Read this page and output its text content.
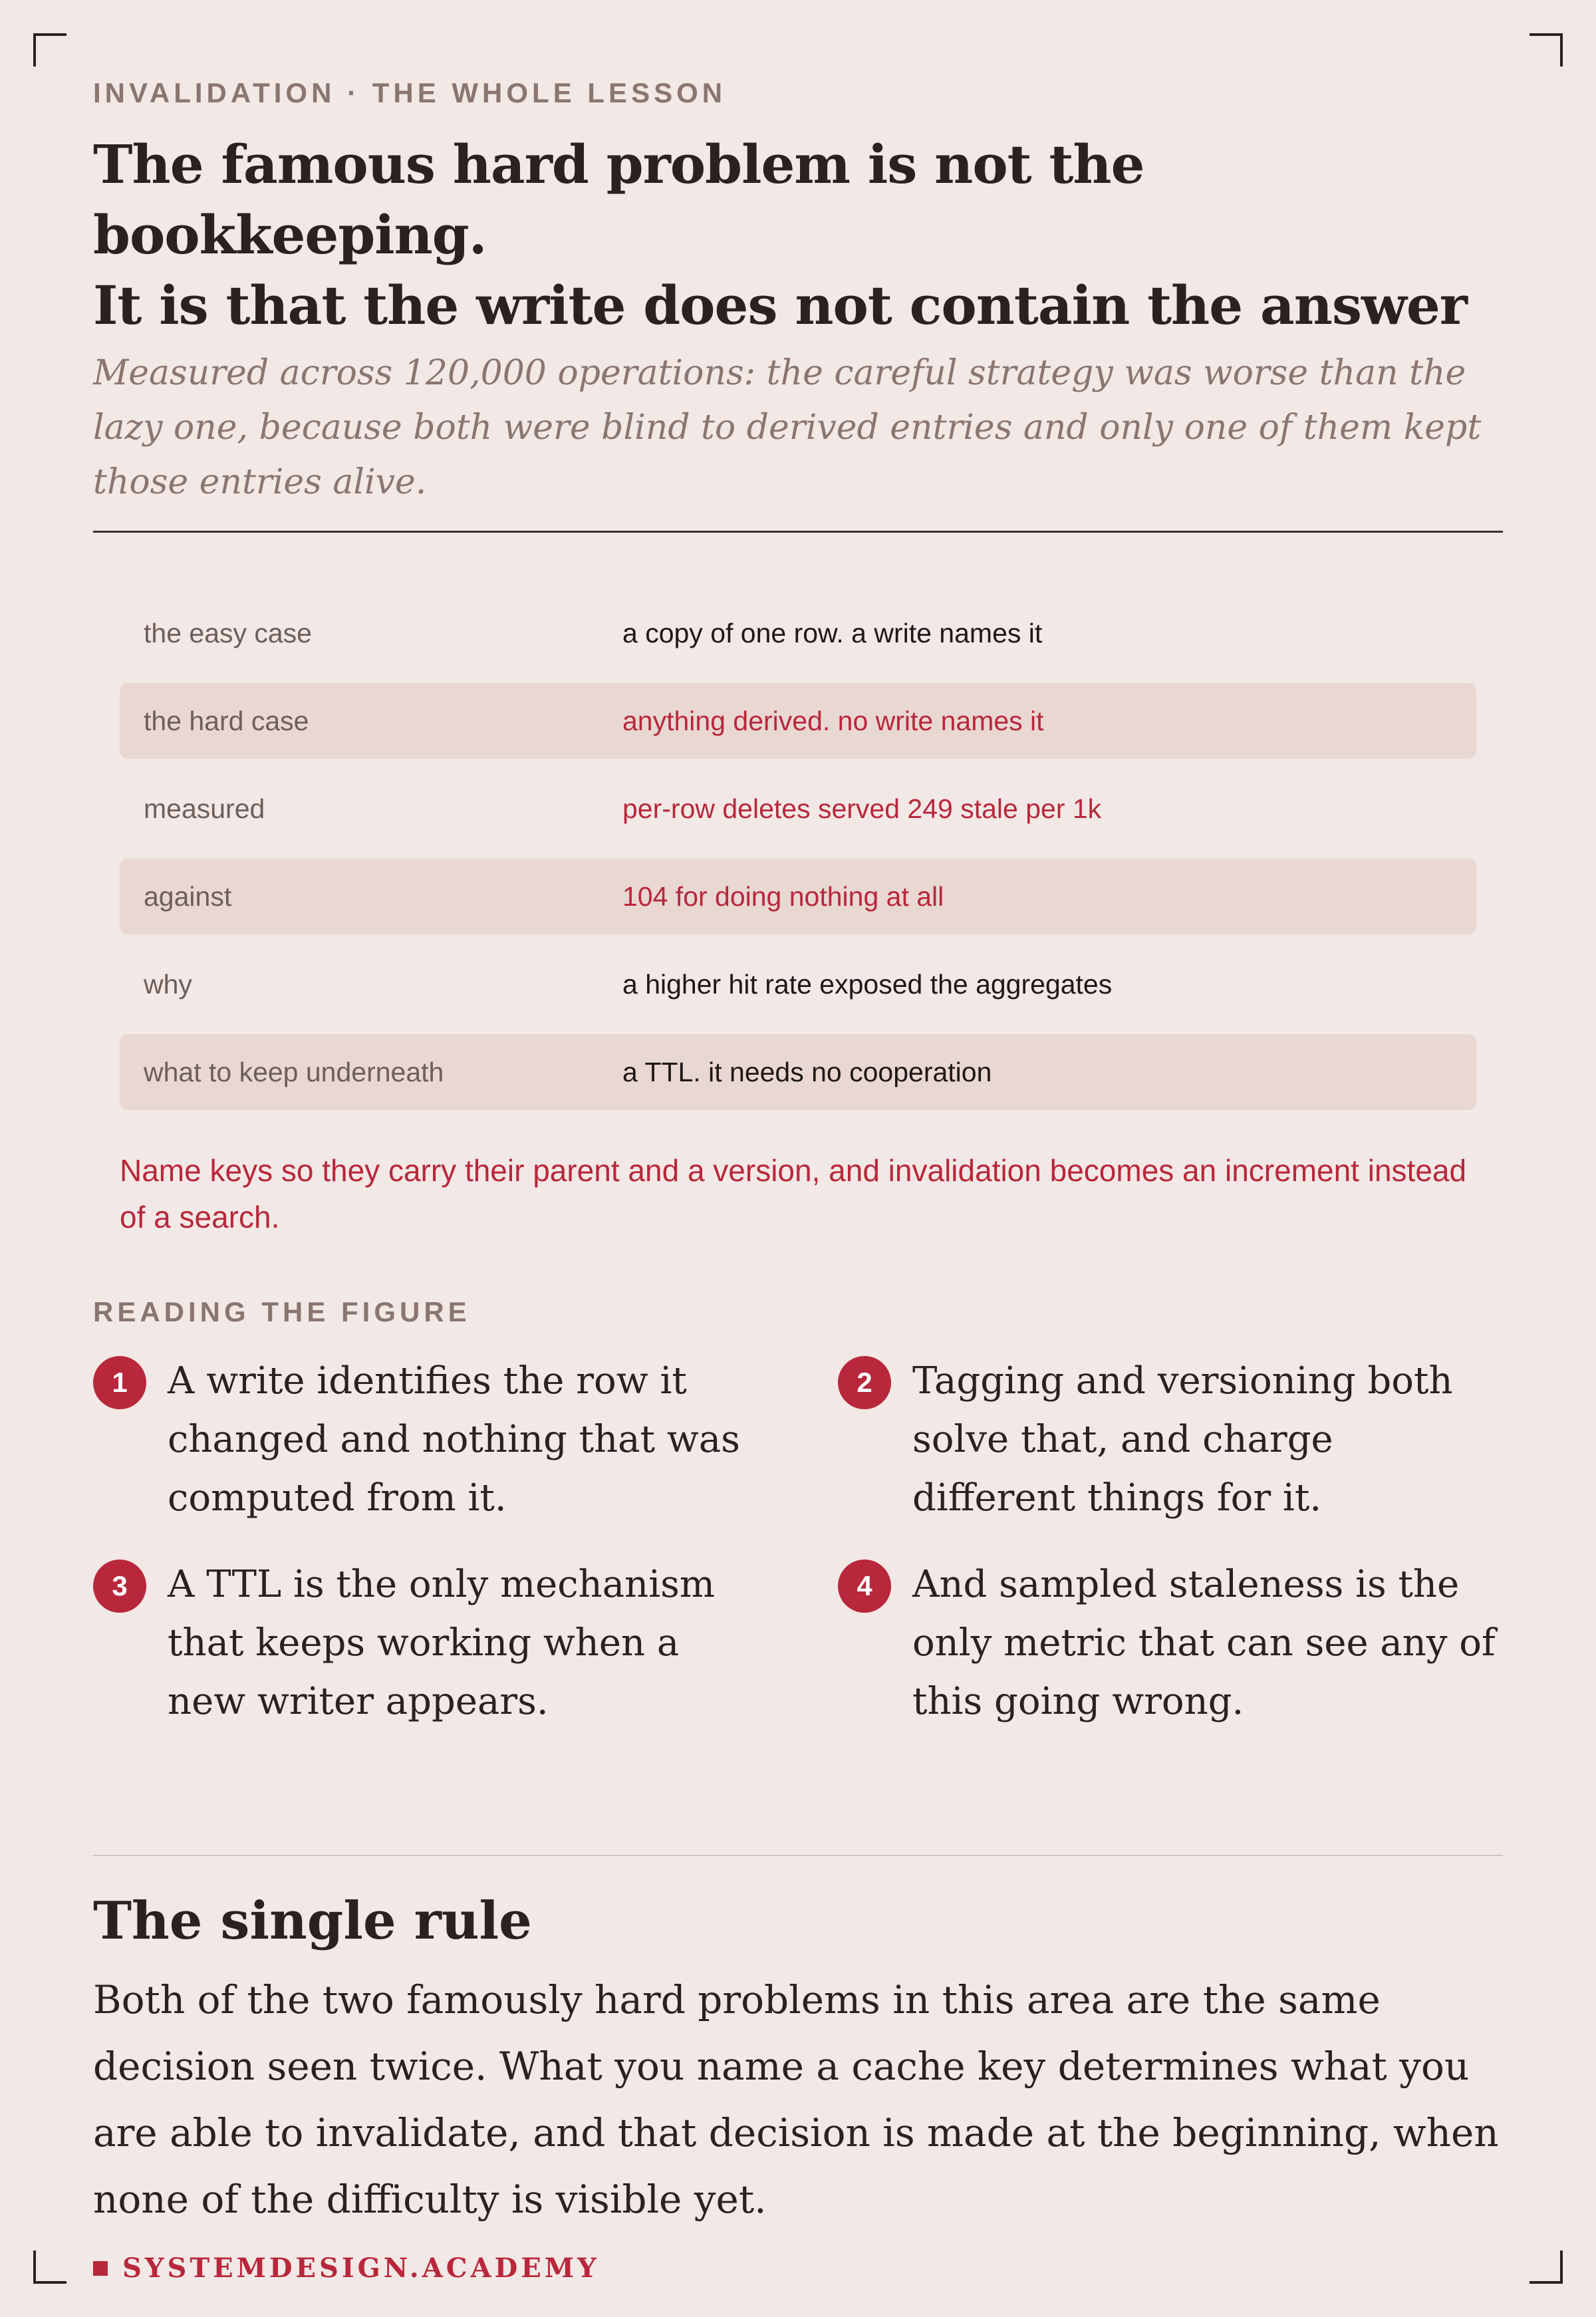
INVALIDATION · THE WHOLE LESSON
The famous hard problem is not the bookkeeping.
It is that the write does not contain the answer

Measured across 120,000 operations: the careful strategy was worse than the lazy one, because both were blind to derived entries and only one of them kept those entries alive.

the easy case	a copy of one row. a write names it
the hard case	anything derived. no write names it
measured	per-row deletes served 249 stale per 1k
against	104 for doing nothing at all
why	a higher hit rate exposed the aggregates
what to keep underneath	a TTL. it needs no cooperation

Name keys so they carry their parent and a version, and invalidation becomes an increment instead of a search.

READING THE FIGURE
1	A write identifies the row it changed and nothing that was computed from it.
2	Tagging and versioning both solve that, and charge different things for it.
3	A TTL is the only mechanism that keeps working when a new writer appears.
4	And sampled staleness is the only metric that can see any of this going wrong.
The single rule

Both of the two famously hard problems in this area are the same decision seen twice. What you name a cache key determines what you are able to invalidate, and that decision is made at the beginning, when none of the difficulty is visible yet.

SYSTEMDESIGN.ACADEMY
